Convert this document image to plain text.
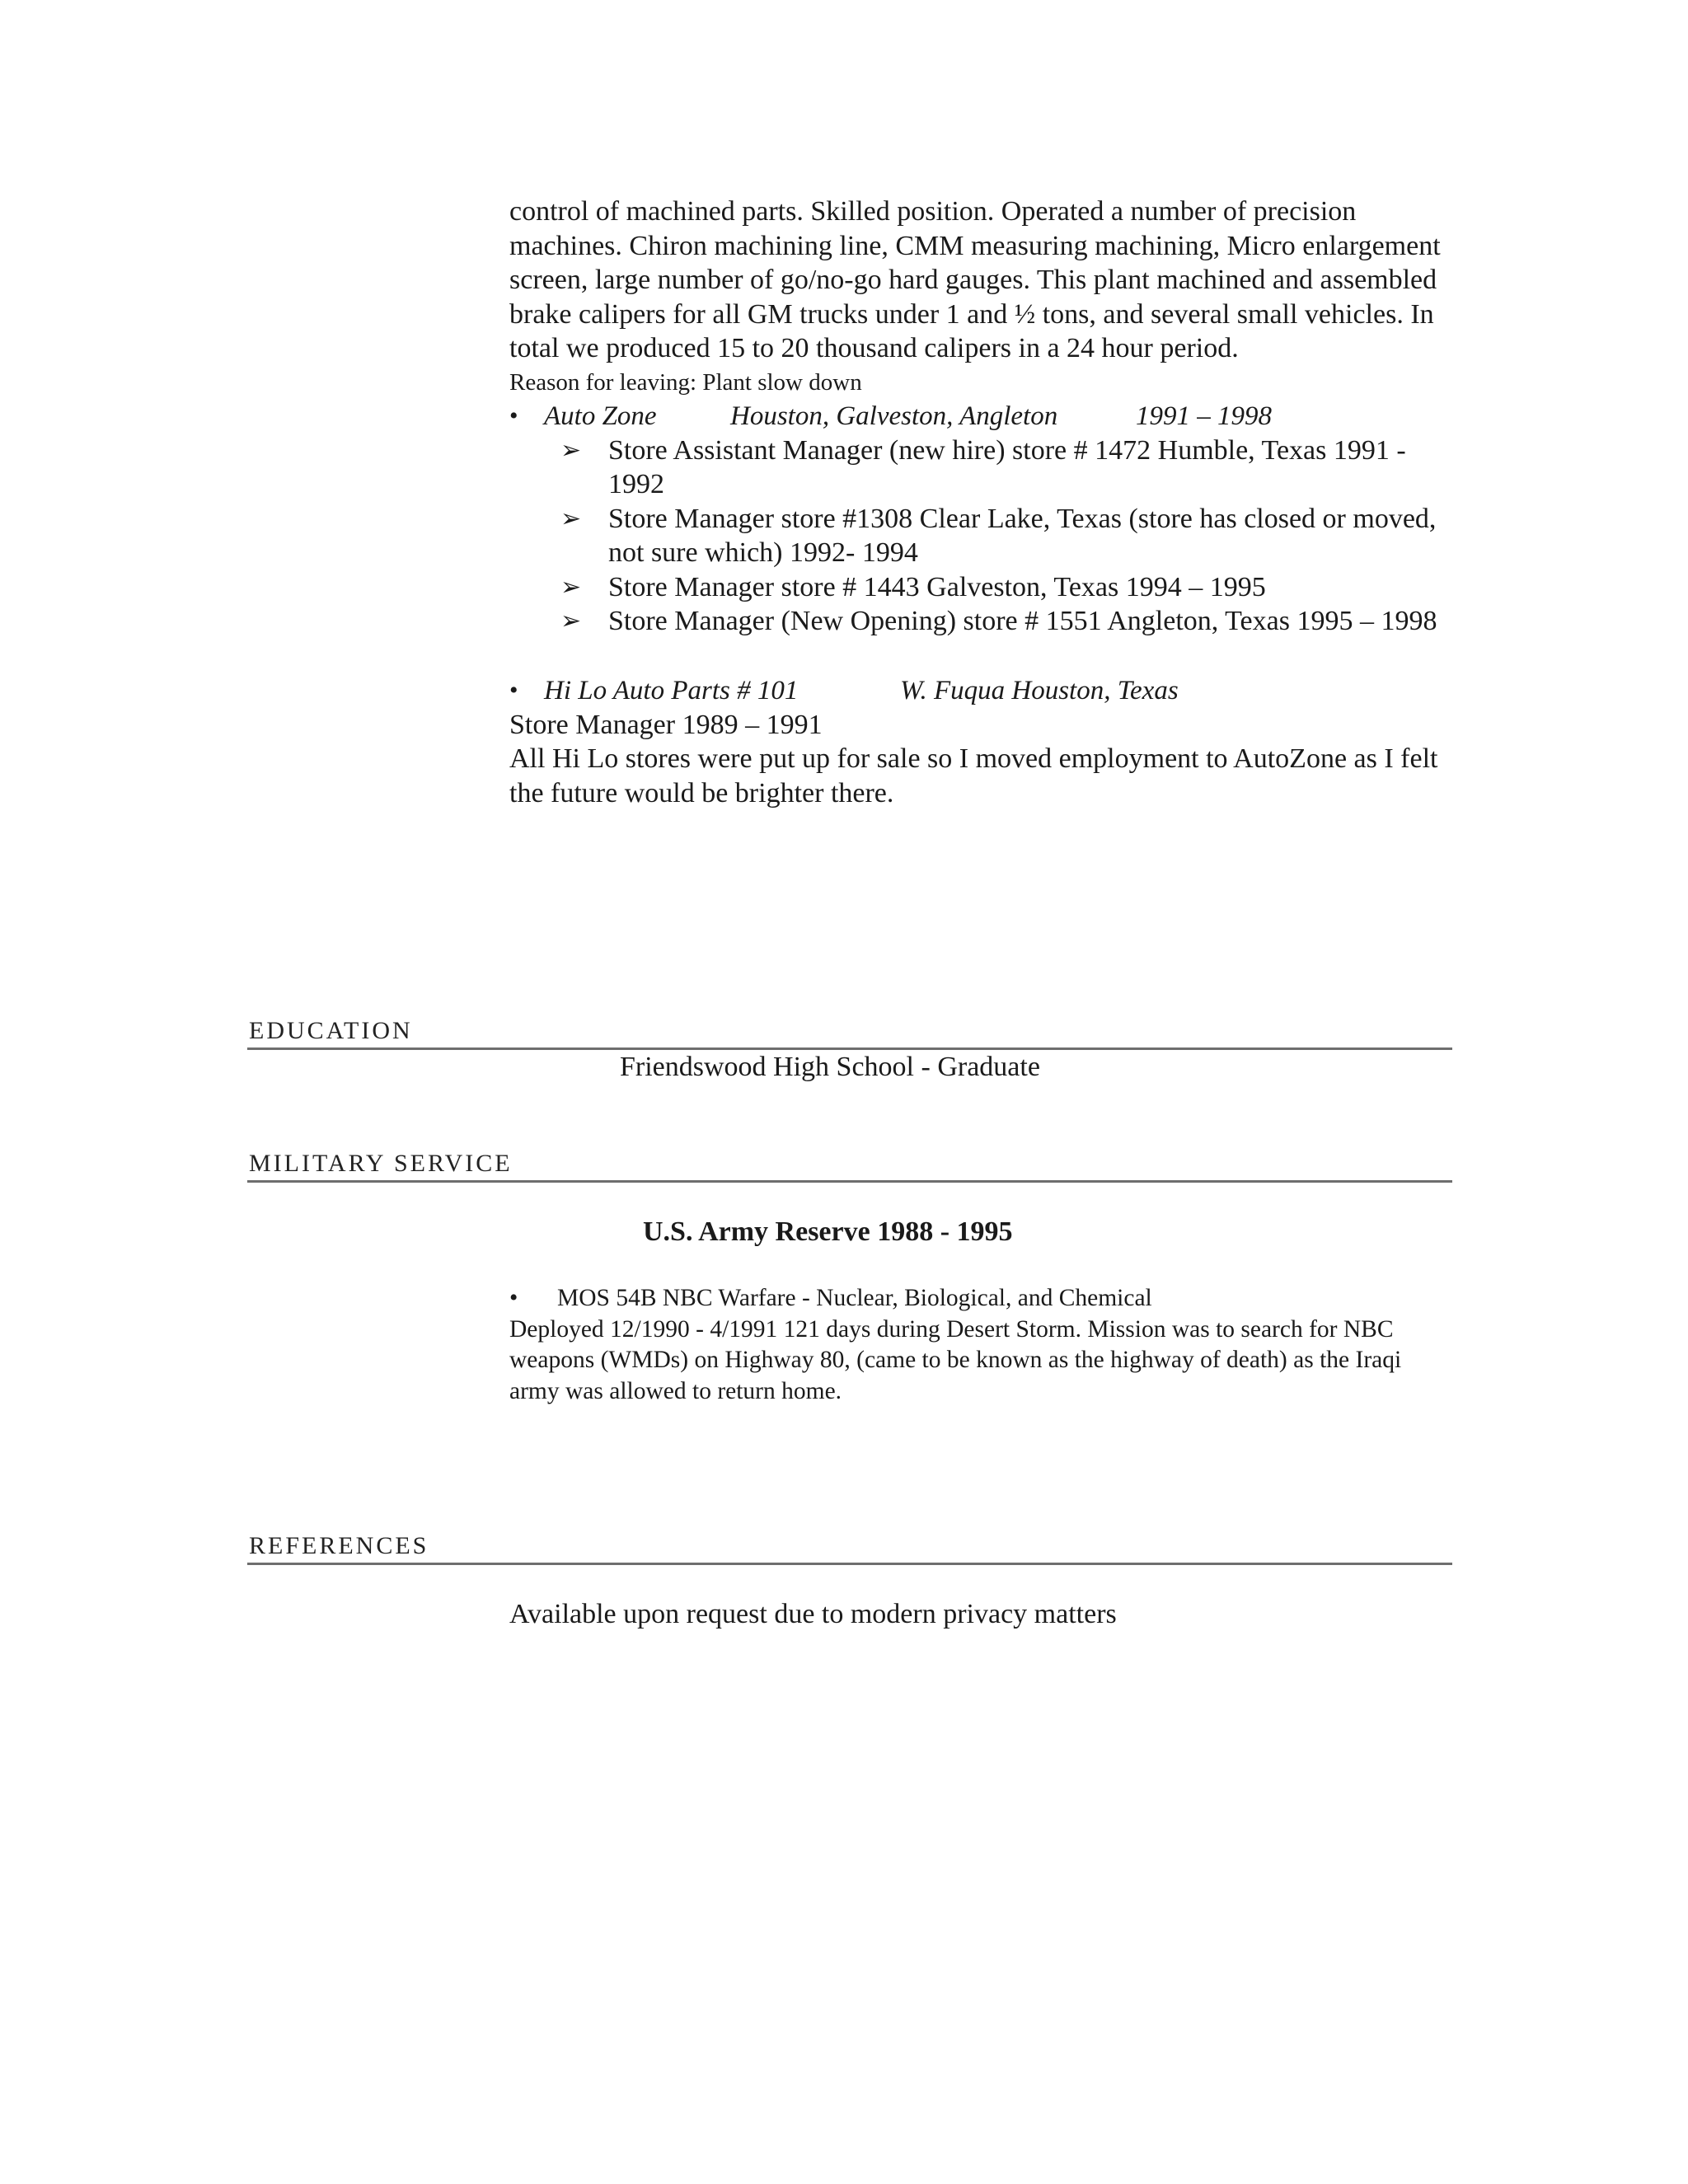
control of machined parts. Skilled position. Operated a number of precision machines. Chiron machining line, CMM measuring machining, Micro enlargement screen, large number of go/no-go hard gauges. This plant machined and assembled brake calipers for all GM trucks under 1 and ½ tons, and several small vehicles. In total we produced 15 to 20 thousand calipers in a 24 hour period.
Reason for leaving: Plant slow down
• Auto Zone	Houston, Galveston, Angleton	1991 – 1998
➢ Store Assistant Manager (new hire) store # 1472 Humble, Texas 1991 - 1992
➢ Store Manager store #1308 Clear Lake, Texas (store has closed or moved, not sure which) 1992- 1994
➢ Store Manager store # 1443 Galveston, Texas 1994 – 1995
➢ Store Manager (New Opening) store # 1551 Angleton, Texas 1995 – 1998
• Hi Lo Auto Parts # 101	W. Fuqua Houston, Texas
Store Manager 1989 – 1991
All Hi Lo stores were put up for sale so I moved employment to AutoZone as I felt the future would be brighter there.
EDUCATION
Friendswood High School - Graduate
MILITARY SERVICE
U.S. Army Reserve 1988 - 1995
• MOS 54B NBC Warfare - Nuclear, Biological, and Chemical
Deployed 12/1990 - 4/1991 121 days during Desert Storm. Mission was to search for NBC weapons (WMDs) on Highway 80, (came to be known as the highway of death) as the Iraqi army was allowed to return home.
REFERENCES
Available upon request due to modern privacy matters
